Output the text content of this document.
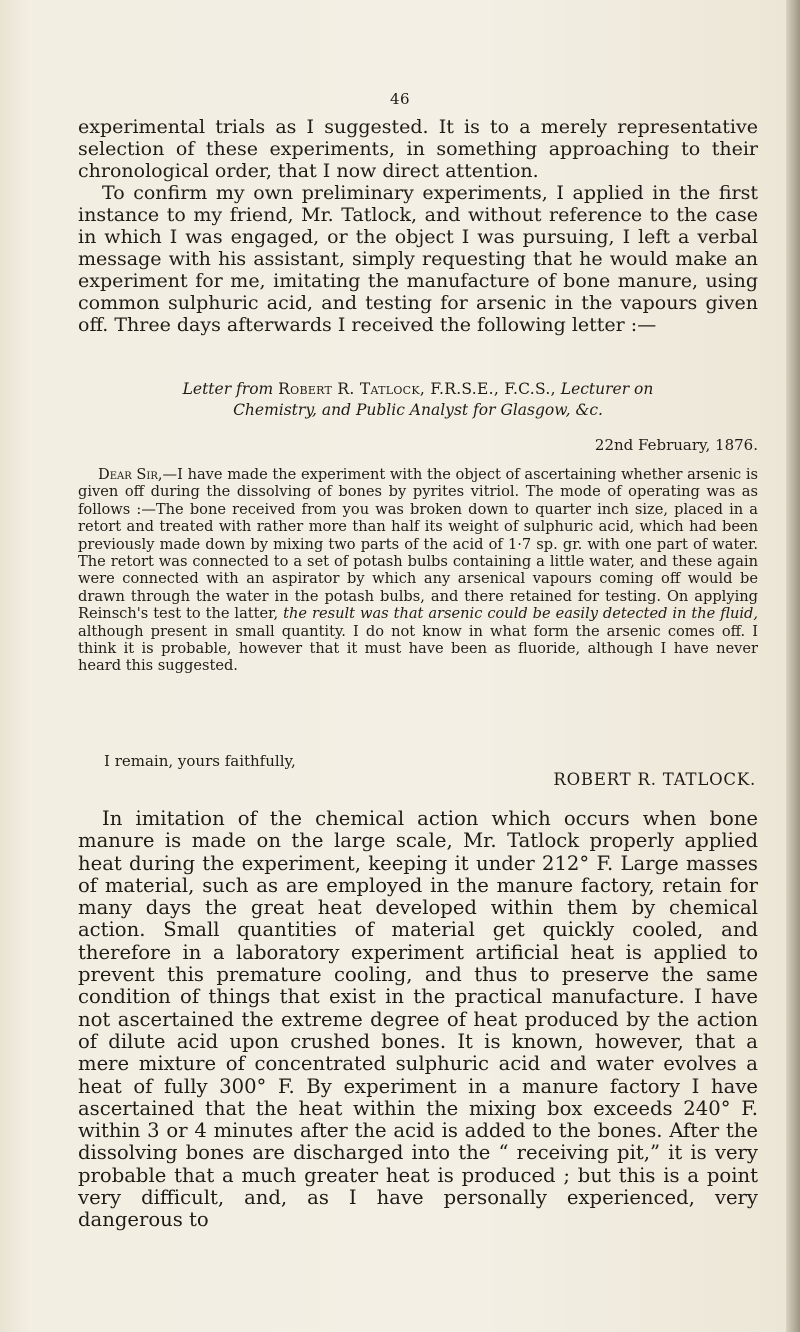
46

experimental trials as I suggested. It is to a merely representative selection of these experiments, in something approaching to their chronological order, that I now direct attention.

To confirm my own preliminary experiments, I applied in the first instance to my friend, Mr. Tatlock, and without reference to the case in which I was engaged, or the object I was pursuing, I left a verbal message with his assistant, simply requesting that he would make an experiment for me, imitating the manufacture of bone manure, using common sulphuric acid, and testing for arsenic in the vapours given off. Three days afterwards I received the following letter :—

Letter from Robert R. Tatlock, F.R.S.E., F.C.S., Lecturer on
Chemistry, and Public Analyst for Glasgow, &c.
22nd February, 1876.

Dear Sir,—I have made the experiment with the object of ascertaining whether arsenic is given off during the dissolving of bones by pyrites vitriol. The mode of operating was as follows :—The bone received from you was broken down to quarter inch size, placed in a retort and treated with rather more than half its weight of sulphuric acid, which had been previously made down by mixing two parts of the acid of 1·7 sp. gr. with one part of water. The retort was connected to a set of potash bulbs containing a little water, and these again were connected with an aspirator by which any arsenical vapours coming off would be drawn through the water in the potash bulbs, and there retained for testing. On applying Reinsch's test to the latter, the result was that arsenic could be easily detected in the fluid, although present in small quantity. I do not know in what form the arsenic comes off. I think it is probable, however that it must have been as fluoride, although I have never heard this suggested.

I remain, yours faithfully,
ROBERT R. TATLOCK.

In imitation of the chemical action which occurs when bone manure is made on the large scale, Mr. Tatlock properly applied heat during the experiment, keeping it under 212° F. Large masses of material, such as are employed in the manure factory, retain for many days the great heat developed within them by chemical action. Small quantities of material get quickly cooled, and therefore in a laboratory experiment artificial heat is applied to prevent this premature cooling, and thus to preserve the same condition of things that exist in the practical manufacture. I have not ascertained the extreme degree of heat produced by the action of dilute acid upon crushed bones. It is known, however, that a mere mixture of concentrated sulphuric acid and water evolves a heat of fully 300° F. By experiment in a manure factory I have ascertained that the heat within the mixing box exceeds 240° F. within 3 or 4 minutes after the acid is added to the bones. After the dissolving bones are discharged into the “ receiving pit,” it is very probable that a much greater heat is produced ; but this is a point very difficult, and, as I have personally experienced, very dangerous to
